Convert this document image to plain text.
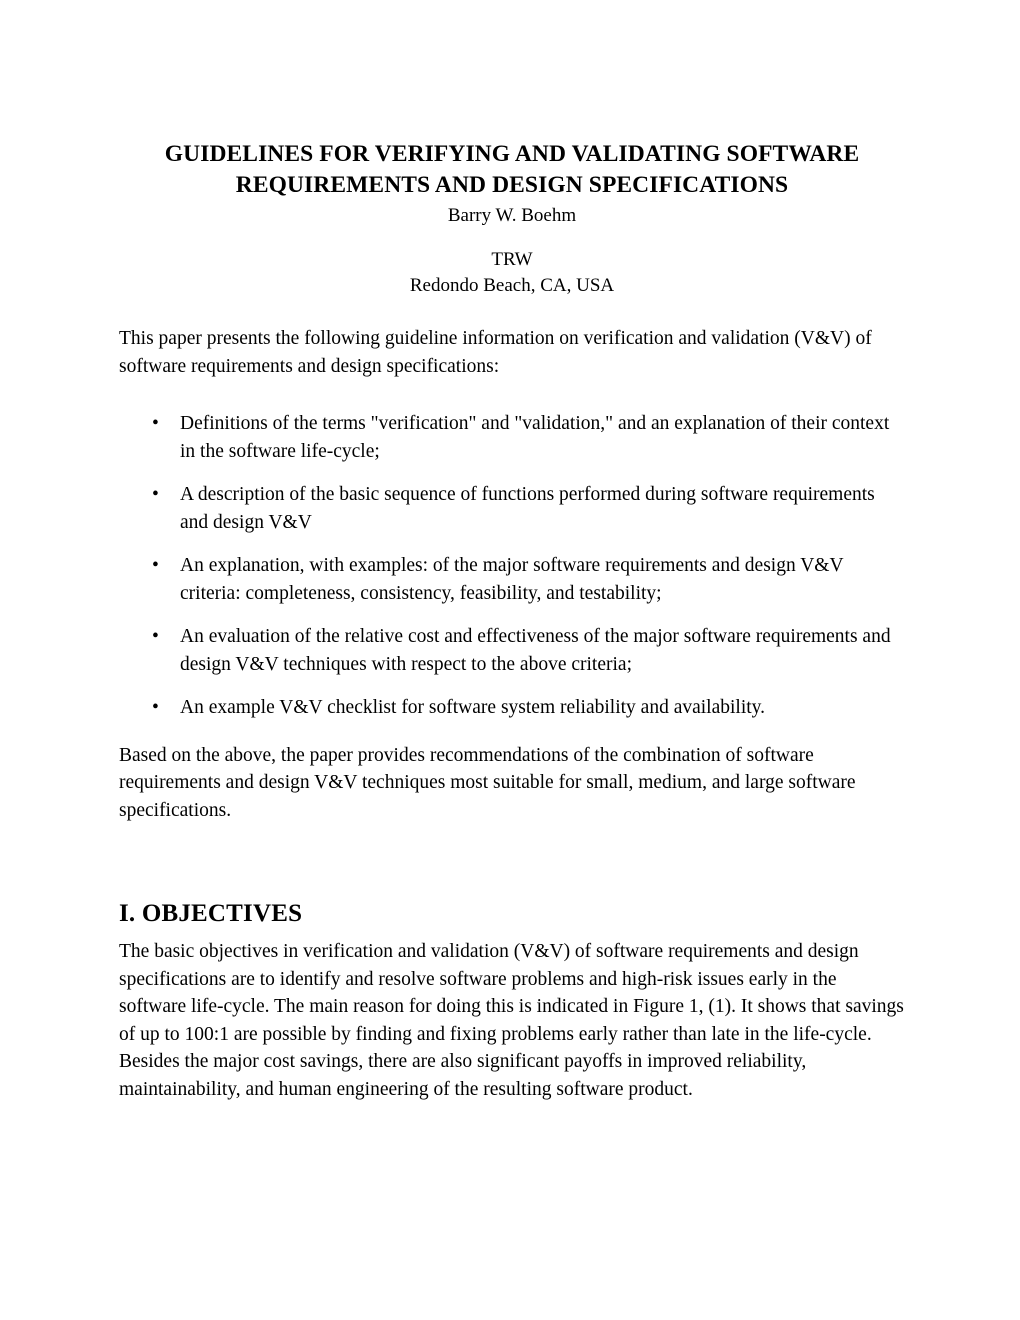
GUIDELINES FOR VERIFYING AND VALIDATING SOFTWARE
REQUIREMENTS AND DESIGN SPECIFICATIONS

Barry W. Boehm

TRW
Redondo Beach, CA, USA

This paper presents the following guideline information on verification and validation (V&V) of software requirements and design specifications:

• Definitions of the terms "verification" and "validation," and an explanation of their context in the software life-cycle;
• A description of the basic sequence of functions performed during software requirements and design V&V
• An explanation, with examples: of the major software requirements and design V&V criteria: completeness, consistency, feasibility, and testability;
• An evaluation of the relative cost and effectiveness of the major software requirements and design V&V techniques with respect to the above criteria;
• An example V&V checklist for software system reliability and availability.

Based on the above, the paper provides recommendations of the combination of software requirements and design V&V techniques most suitable for small, medium, and large software specifications.

I. OBJECTIVES

The basic objectives in verification and validation (V&V) of software requirements and design specifications are to identify and resolve software problems and high-risk issues early in the software life-cycle. The main reason for doing this is indicated in Figure 1, (1). It shows that savings of up to 100:1 are possible by finding and fixing problems early rather than late in the life-cycle. Besides the major cost savings, there are also significant payoffs in improved reliability, maintainability, and human engineering of the resulting software product.
